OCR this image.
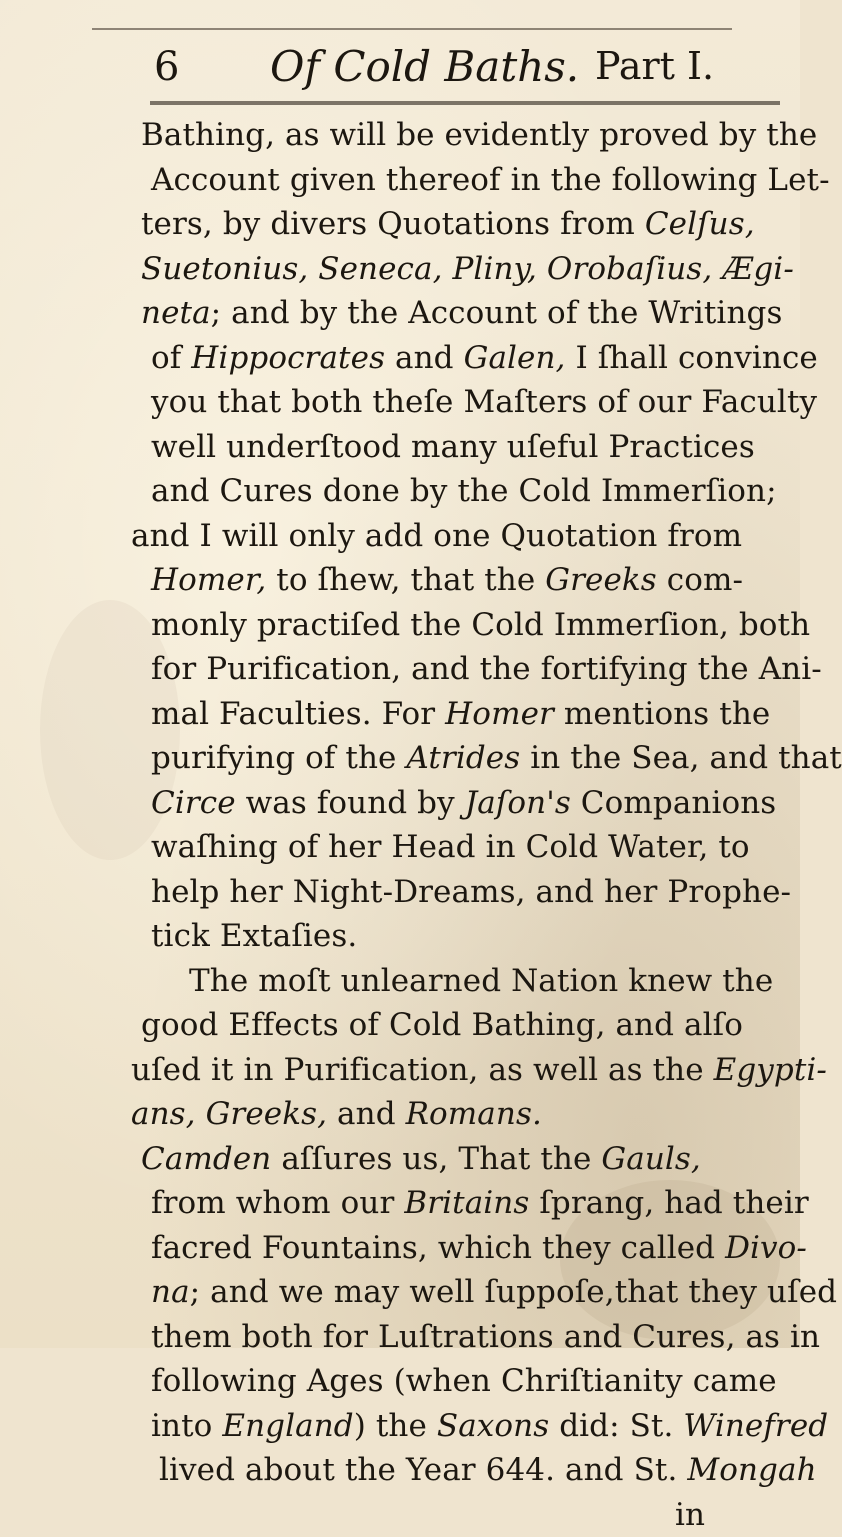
6 Of Cold Baths. Part I.
Bathing, as will be evidently proved by the
Account given thereof in the following Let-
ters, by divers Quotations from Celſus,
Suetonius, Seneca, Pliny, Orobaſius, Ægi-
neta; and by the Account of the Writings
of Hippocrates and Galen, I ſhall convince
you that both theſe Maſters of our Faculty
well underſtood many uſeful Practices
and Cures done by the Cold Immerſion;
and I will only add one Quotation from
Homer, to ſhew, that the Greeks com-
monly practiſed the Cold Immerſion, both
for Purification, and the fortifying the Ani-
mal Faculties. For Homer mentions the
purifying of the Atrides in the Sea, and that
Circe was found by Jaſon's Companions
waſhing of her Head in Cold Water, to
help her Night-Dreams, and her Prophe-
tick Extaſies.
The moſt unlearned Nation knew the
good Effects of Cold Bathing, and alſo
uſed it in Purification, as well as the Egypti-
ans, Greeks, and Romans.
Camden aſſures us, That the Gauls,
from whom our Britains ſprang, had their
facred Fountains, which they called Divo-
na; and we may well ſuppoſe,that they uſed
them both for Luſtrations and Cures, as in
following Ages (when Chriſtianity came
into England) the Saxons did: St. Winefred
lived about the Year 644. and St. Mongah
in
